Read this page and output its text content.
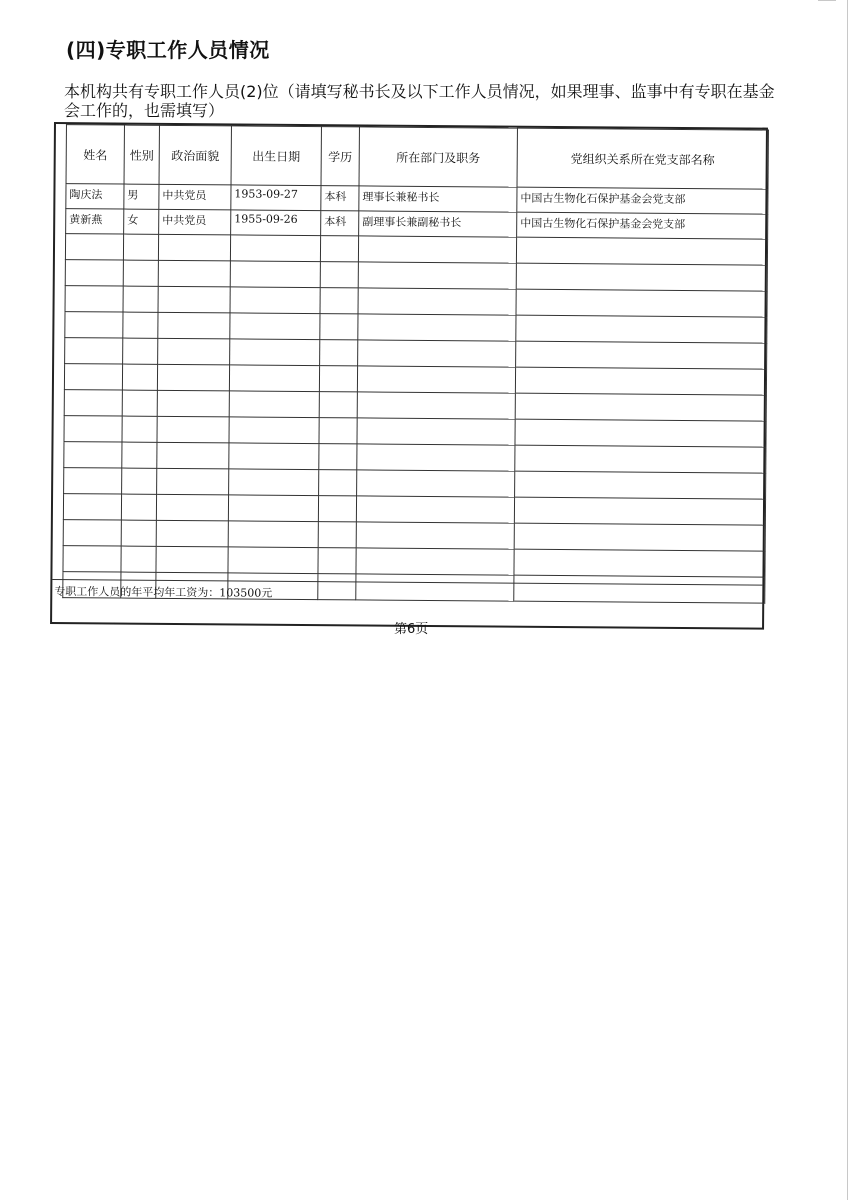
(四)专职工作人员情况
本机构共有专职工作人员(2)位（请填写秘书长及以下工作人员情况，如果理事、监事中有专职在基金会工作的，也需填写）
姓名	性别	政治面貌	出生日期	学历	所在部门及职务	党组织关系所在党支部名称
陶庆法	男	中共党员	1953-09-27	本科	理事长兼秘书长	中国古生物化石保护基金会党支部
黄新燕	女	中共党员	1955-09-26	本科	副理事长兼副秘书长	中国古生物化石保护基金会党支部

专职工作人员的年平均年工资为：103500元
第6页
